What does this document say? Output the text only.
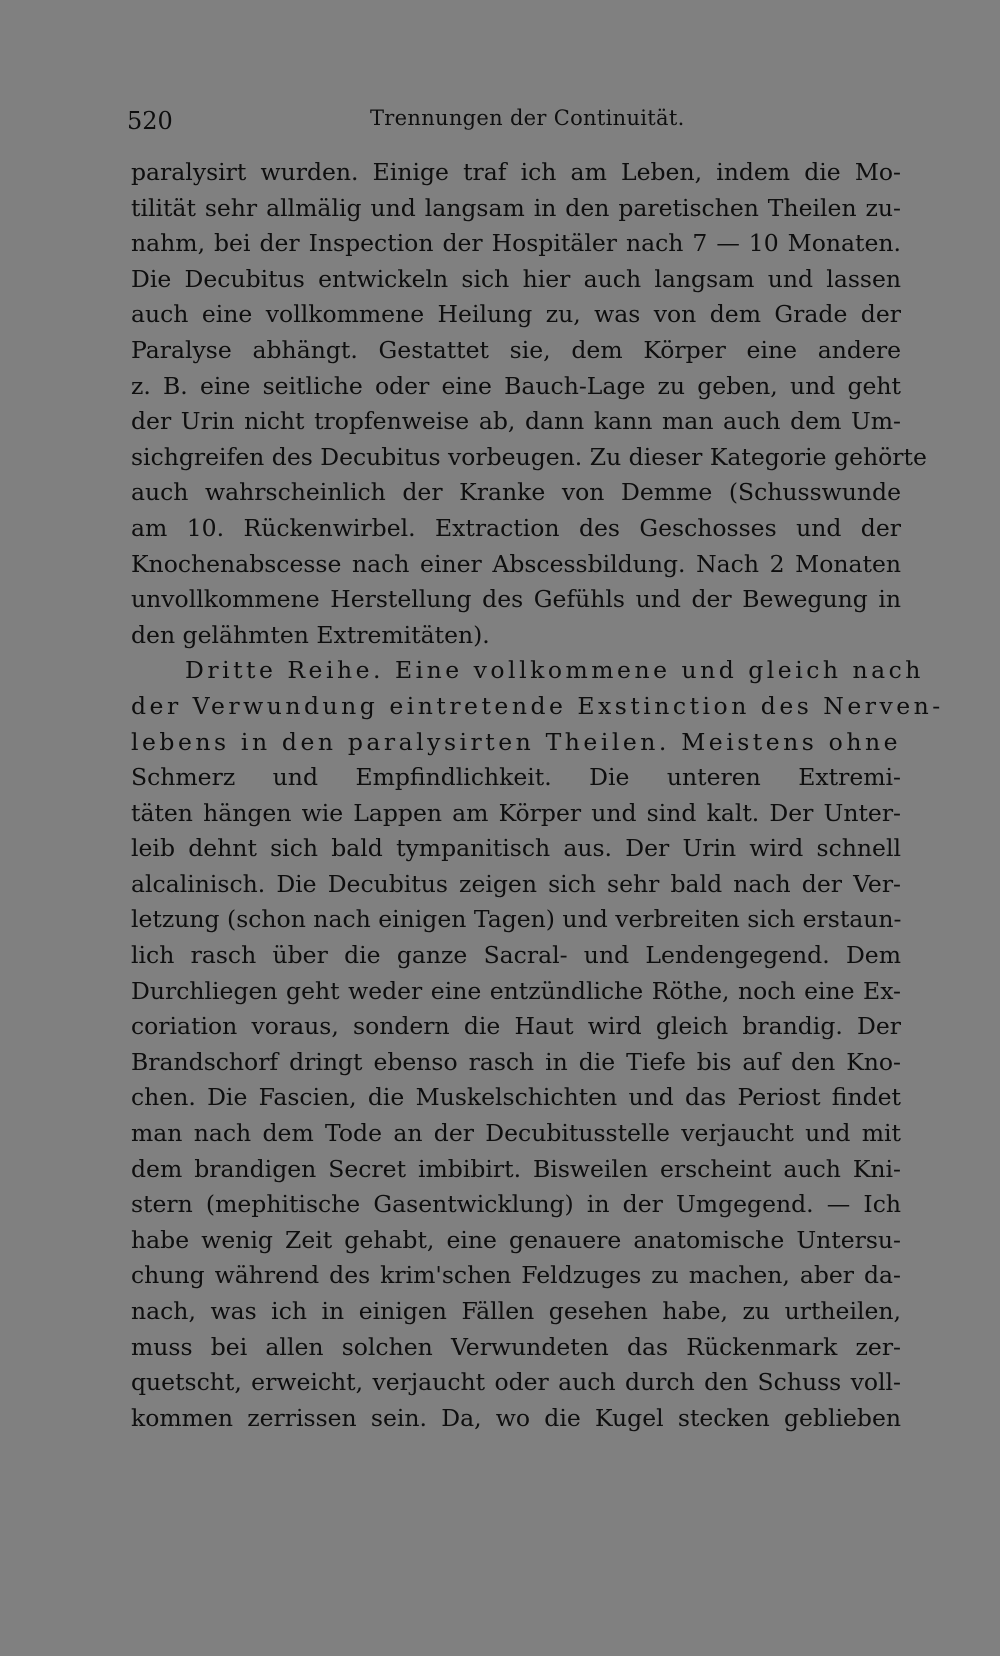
520	Trennungen der Continuität.
paralysirt wurden. Einige traf ich am Leben, indem die Mo-
tilität sehr allmälig und langsam in den paretischen Theilen zu-
nahm, bei der Inspection der Hospitäler nach 7 — 10 Monaten.
Die Decubitus entwickeln sich hier auch langsam und lassen
auch eine vollkommene Heilung zu, was von dem Grade der
Paralyse abhängt. Gestattet sie, dem Körper eine andere
z. B. eine seitliche oder eine Bauch-Lage zu geben, und geht
der Urin nicht tropfenweise ab, dann kann man auch dem Um-
sichgreifen des Decubitus vorbeugen. Zu dieser Kategorie gehörte
auch wahrscheinlich der Kranke von Demme (Schusswunde
am 10. Rückenwirbel. Extraction des Geschosses und der
Knochenabscesse nach einer Abscessbildung. Nach 2 Monaten
unvollkommene Herstellung des Gefühls und der Bewegung in
den gelähmten Extremitäten).
Dritte Reihe. Eine vollkommene und gleich nach
der Verwundung eintretende Exstinction des Nerven-
lebens in den paralysirten Theilen. Meistens ohne
Schmerz und Empfindlichkeit. Die unteren Extremi-
täten hängen wie Lappen am Körper und sind kalt. Der Unter-
leib dehnt sich bald tympanitisch aus. Der Urin wird schnell
alcalinisch. Die Decubitus zeigen sich sehr bald nach der Ver-
letzung (schon nach einigen Tagen) und verbreiten sich erstaun-
lich rasch über die ganze Sacral- und Lendengegend. Dem
Durchliegen geht weder eine entzündliche Röthe, noch eine Ex-
coriation voraus, sondern die Haut wird gleich brandig. Der
Brandschorf dringt ebenso rasch in die Tiefe bis auf den Kno-
chen. Die Fascien, die Muskelschichten und das Periost findet
man nach dem Tode an der Decubitusstelle verjaucht und mit
dem brandigen Secret imbibirt. Bisweilen erscheint auch Kni-
stern (mephitische Gasentwicklung) in der Umgegend. — Ich
habe wenig Zeit gehabt, eine genauere anatomische Untersu-
chung während des krim'schen Feldzuges zu machen, aber da-
nach, was ich in einigen Fällen gesehen habe, zu urtheilen,
muss bei allen solchen Verwundeten das Rückenmark zer-
quetscht, erweicht, verjaucht oder auch durch den Schuss voll-
kommen zerrissen sein. Da, wo die Kugel stecken geblieben
